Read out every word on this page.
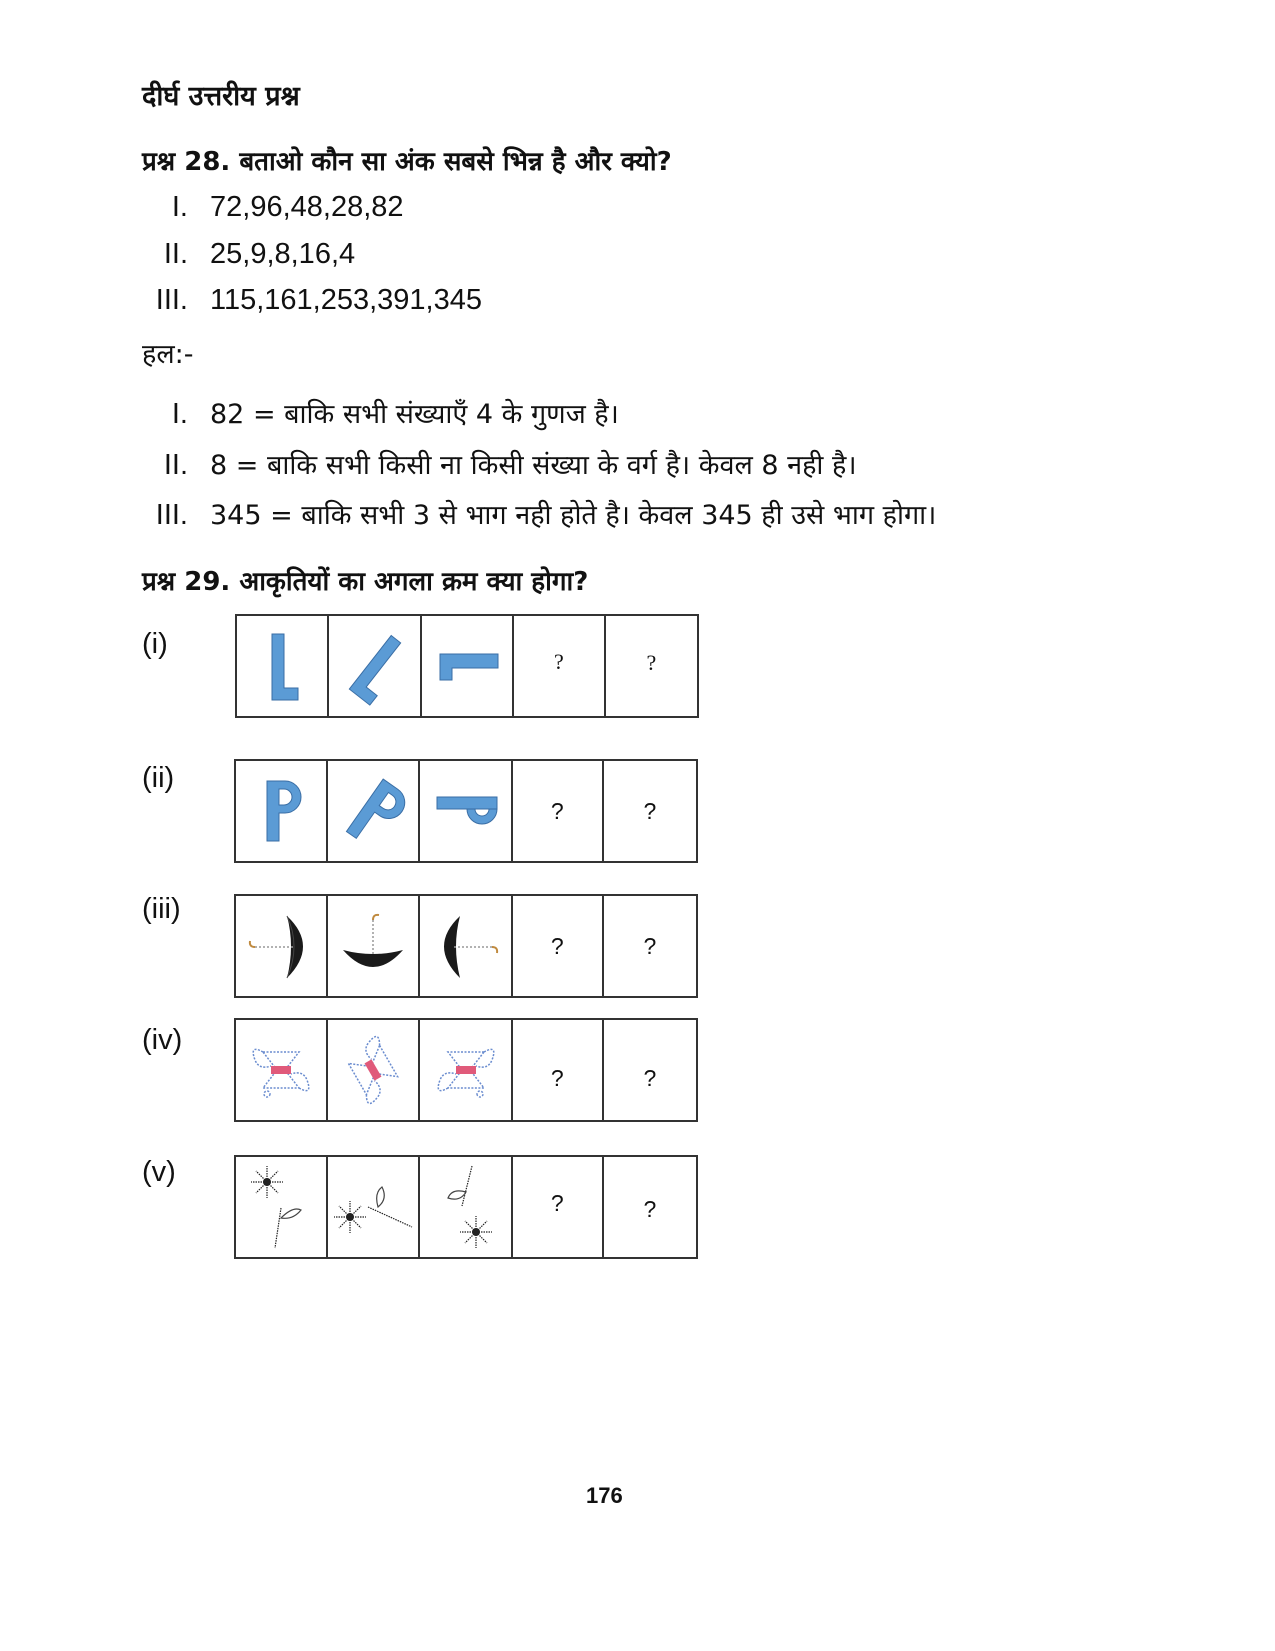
दीर्घ उत्तरीय प्रश्न
प्रश्न 28. बताओ कौन सा अंक सबसे भिन्न है और क्यो?
I. 72,96,48,28,82
II. 25,9,8,16,4
III. 115,161,253,391,345
हल:-
I. 82 = बाकि सभी संख्याएँ 4 के गुणज है।
II. 8 = बाकि सभी किसी ना किसी संख्या के वर्ग है। केवल 8 नही है।
III. 345 = बाकि सभी 3 से भाग नही होते है। केवल 345 ही उसे भाग होगा।
प्रश्न 29. आकृतियों का अगला क्रम क्या होगा?
(i)
?	?
(ii)
?	?
(iii)
?	?
(iv)
?	?
(v)
?	?
176
